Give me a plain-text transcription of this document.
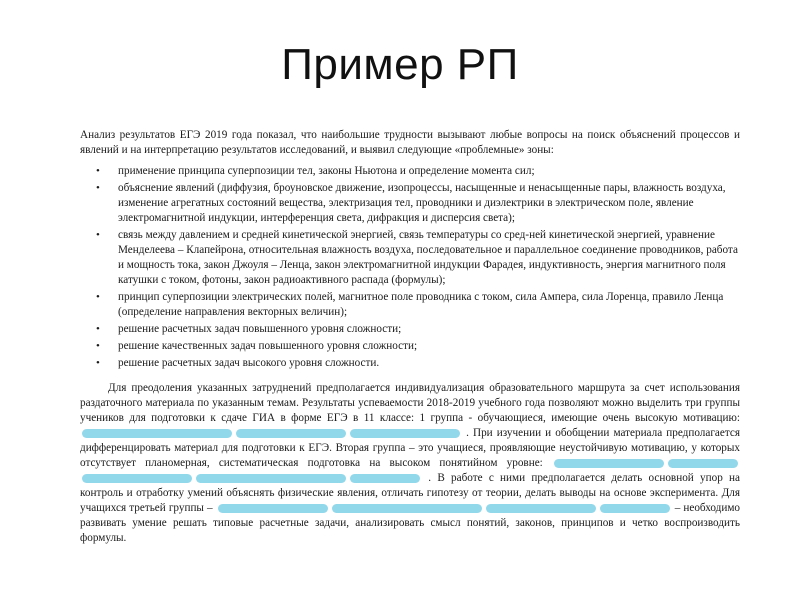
Пример РП

Анализ результатов ЕГЭ 2019 года показал, что наибольшие трудности вызывают любые вопросы на поиск объяснений процессов и явлений и на интерпретацию результатов исследований, и выявил следующие «проблемные» зоны:

• применение принципа суперпозиции тел, законы Ньютона и определение момента сил;
• объяснение явлений (диффузия, броуновское движение, изопроцессы, насыщенные и ненасыщенные пары, влажность воздуха, изменение агрегатных состояний вещества, электризация тел, проводники и диэлектрики в электрическом поле, явление электромагнитной индукции, интерференция света, дифракция и дисперсия света);
• связь между давлением и средней кинетической энергией, связь температуры со сред-ней кинетической энергией, уравнение Менделеева – Клапейрона, относительная влажность воздуха, последовательное и параллельное соединение проводников, работа и мощность тока, закон Джоуля – Ленца, закон электромагнитной индукции Фарадея, индуктивность, энергия магнитного поля катушки с током, фотоны, закон радиоактивного распада (формулы);
• принцип суперпозиции электрических полей, магнитное поле проводника с током, сила Ампера, сила Лоренца, правило Ленца (определение направления векторных величин);
• решение расчетных задач повышенного уровня сложности;
• решение качественных задач повышенного уровня сложности;
• решение расчетных задач высокого уровня сложности.

Для преодоления указанных затруднений предполагается индивидуализация образовательного маршрута за счет использования раздаточного материала по указанным темам. Результаты успеваемости 2018-2019 учебного года позволяют можно выделить три группы учеников для подготовки к сдаче ГИА в форме ЕГЭ в 11 классе: 1 группа - обучающиеся, имеющие очень высокую мотивацию:  . При изучении и обобщении материала предполагается дифференцировать материал для подготовки к ЕГЭ. Вторая группа – это учащиеся, проявляющие неустойчивую мотивацию, у которых отсутствует планомерная, систематическая подготовка на высоком понятийном уровне:  . В работе с ними предполагается делать основной упор на контроль и отработку умений объяснять физические явления, отличать гипотезу от теории, делать выводы на основе эксперимента. Для учащихся третьей группы –	– необходимо развивать умение решать типовые расчетные задачи, анализировать смысл понятий, законов, принципов и четко воспроизводить формулы.
